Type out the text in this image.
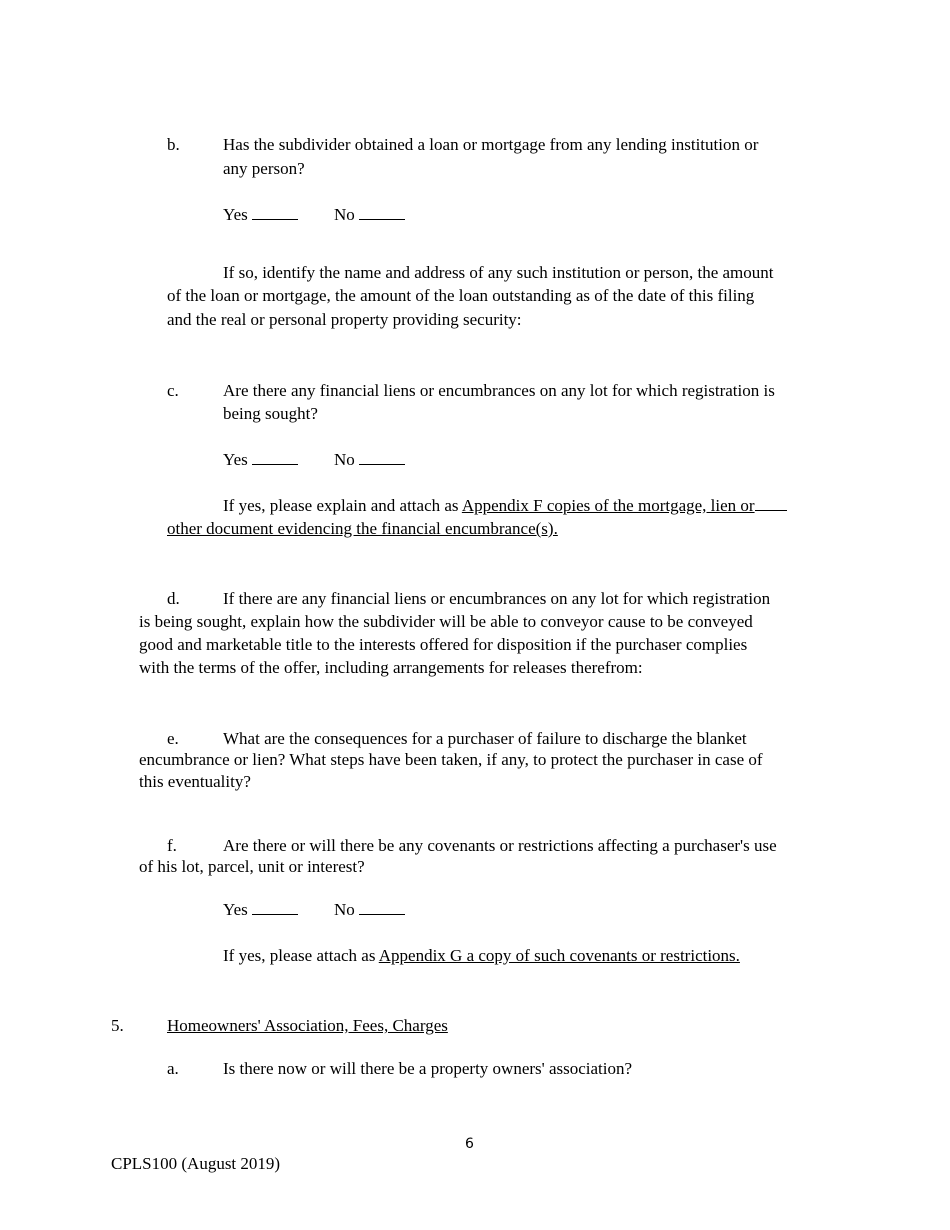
b.	Has the subdivider obtained a loan or mortgage from any lending institution or
any person?
Yes	No
If so, identify the name and address of any such institution or person, the amount
of the loan or mortgage, the amount of the loan outstanding as of the date of this filing
and the real or personal property providing security:
c.	Are there any financial liens or encumbrances on any lot for which registration is
being sought?
Yes	No
If yes, please explain and attach as Appendix F copies of the mortgage, lien or
other document evidencing the financial encumbrance(s).
d.	If there are any financial liens or encumbrances on any lot for which registration
is being sought, explain how the subdivider will be able to conveyor cause to be conveyed
good and marketable title to the interests offered for disposition if the purchaser complies
with the terms of the offer, including arrangements for releases therefrom:
e.	What are the consequences for a purchaser of failure to discharge the blanket
encumbrance or lien? What steps have been taken, if any, to protect the purchaser in case of
this eventuality?
f.	Are there or will there be any covenants or restrictions affecting a purchaser's use
of his lot, parcel, unit or interest?
Yes	No
If yes, please attach as Appendix G a copy of such covenants or restrictions.
5.	Homeowners' Association, Fees, Charges
a.	Is there now or will there be a property owners' association?
6
CPLS100 (August 2019)
